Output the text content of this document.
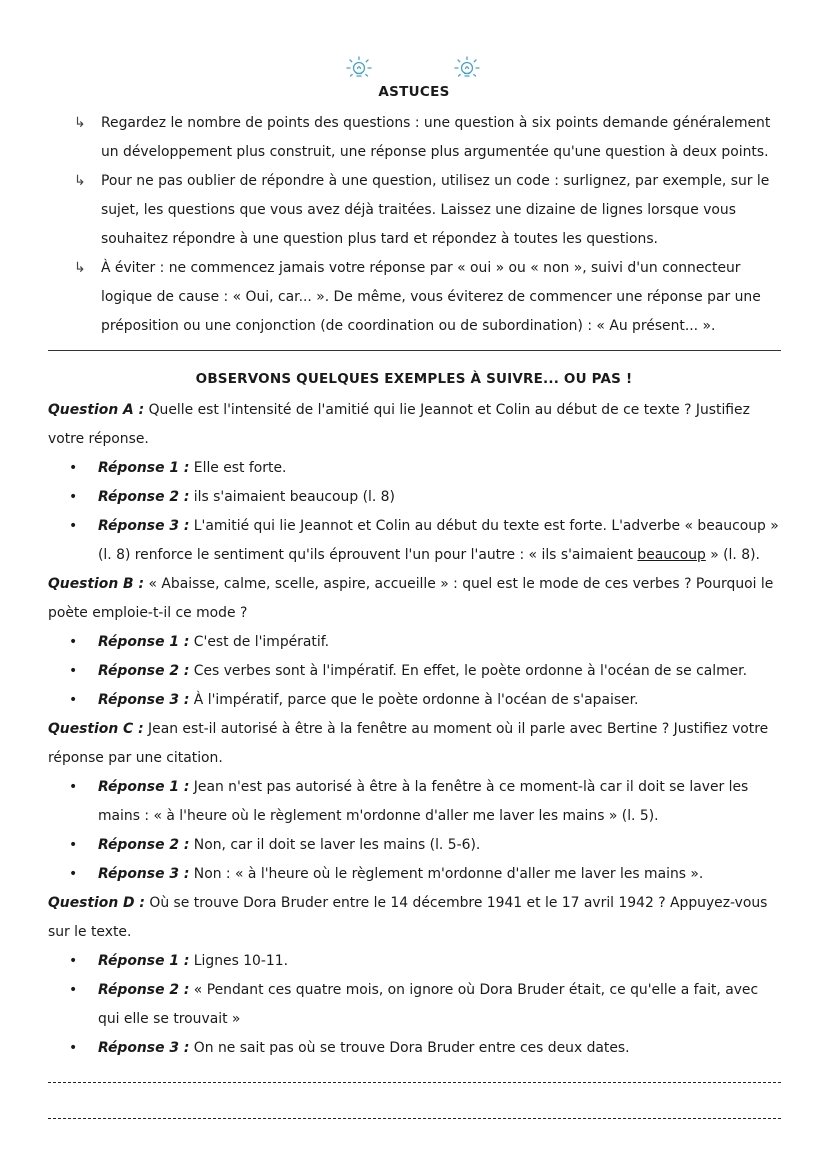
ASTUCES
↳ Regardez le nombre de points des questions : une question à six points demande généralement un développement plus construit, une réponse plus argumentée qu'une question à deux points.
↳ Pour ne pas oublier de répondre à une question, utilisez un code : surlignez, par exemple, sur le sujet, les questions que vous avez déjà traitées. Laissez une dizaine de lignes lorsque vous souhaitez répondre à une question plus tard et répondez à toutes les questions.
↳ À éviter : ne commencez jamais votre réponse par « oui » ou « non », suivi d'un connecteur logique de cause : « Oui, car... ». De même, vous éviterez de commencer une réponse par une préposition ou une conjonction (de coordination ou de subordination) : « Au présent... ».
OBSERVONS QUELQUES EXEMPLES À SUIVRE... OU PAS !
Question A : Quelle est l'intensité de l'amitié qui lie Jeannot et Colin au début de ce texte ? Justifiez votre réponse.
• Réponse 1 : Elle est forte.
• Réponse 2 : ils s'aimaient beaucoup (l. 8)
• Réponse 3 : L'amitié qui lie Jeannot et Colin au début du texte est forte. L'adverbe « beaucoup » (l. 8) renforce le sentiment qu'ils éprouvent l'un pour l'autre : « ils s'aimaient beaucoup » (l. 8).
Question B : « Abaisse, calme, scelle, aspire, accueille » : quel est le mode de ces verbes ? Pourquoi le poète emploie-t-il ce mode ?
• Réponse 1 : C'est de l'impératif.
• Réponse 2 : Ces verbes sont à l'impératif. En effet, le poète ordonne à l'océan de se calmer.
• Réponse 3 : À l'impératif, parce que le poète ordonne à l'océan de s'apaiser.
Question C : Jean est-il autorisé à être à la fenêtre au moment où il parle avec Bertine ? Justifiez votre réponse par une citation.
• Réponse 1 : Jean n'est pas autorisé à être à la fenêtre à ce moment-là car il doit se laver les mains : « à l'heure où le règlement m'ordonne d'aller me laver les mains » (l. 5).
• Réponse 2 : Non, car il doit se laver les mains (l. 5-6).
• Réponse 3 : Non : « à l'heure où le règlement m'ordonne d'aller me laver les mains ».
Question D : Où se trouve Dora Bruder entre le 14 décembre 1941 et le 17 avril 1942 ? Appuyez-vous sur le texte.
• Réponse 1 : Lignes 10-11.
• Réponse 2 : « Pendant ces quatre mois, on ignore où Dora Bruder était, ce qu'elle a fait, avec qui elle se trouvait »
• Réponse 3 : On ne sait pas où se trouve Dora Bruder entre ces deux dates.
